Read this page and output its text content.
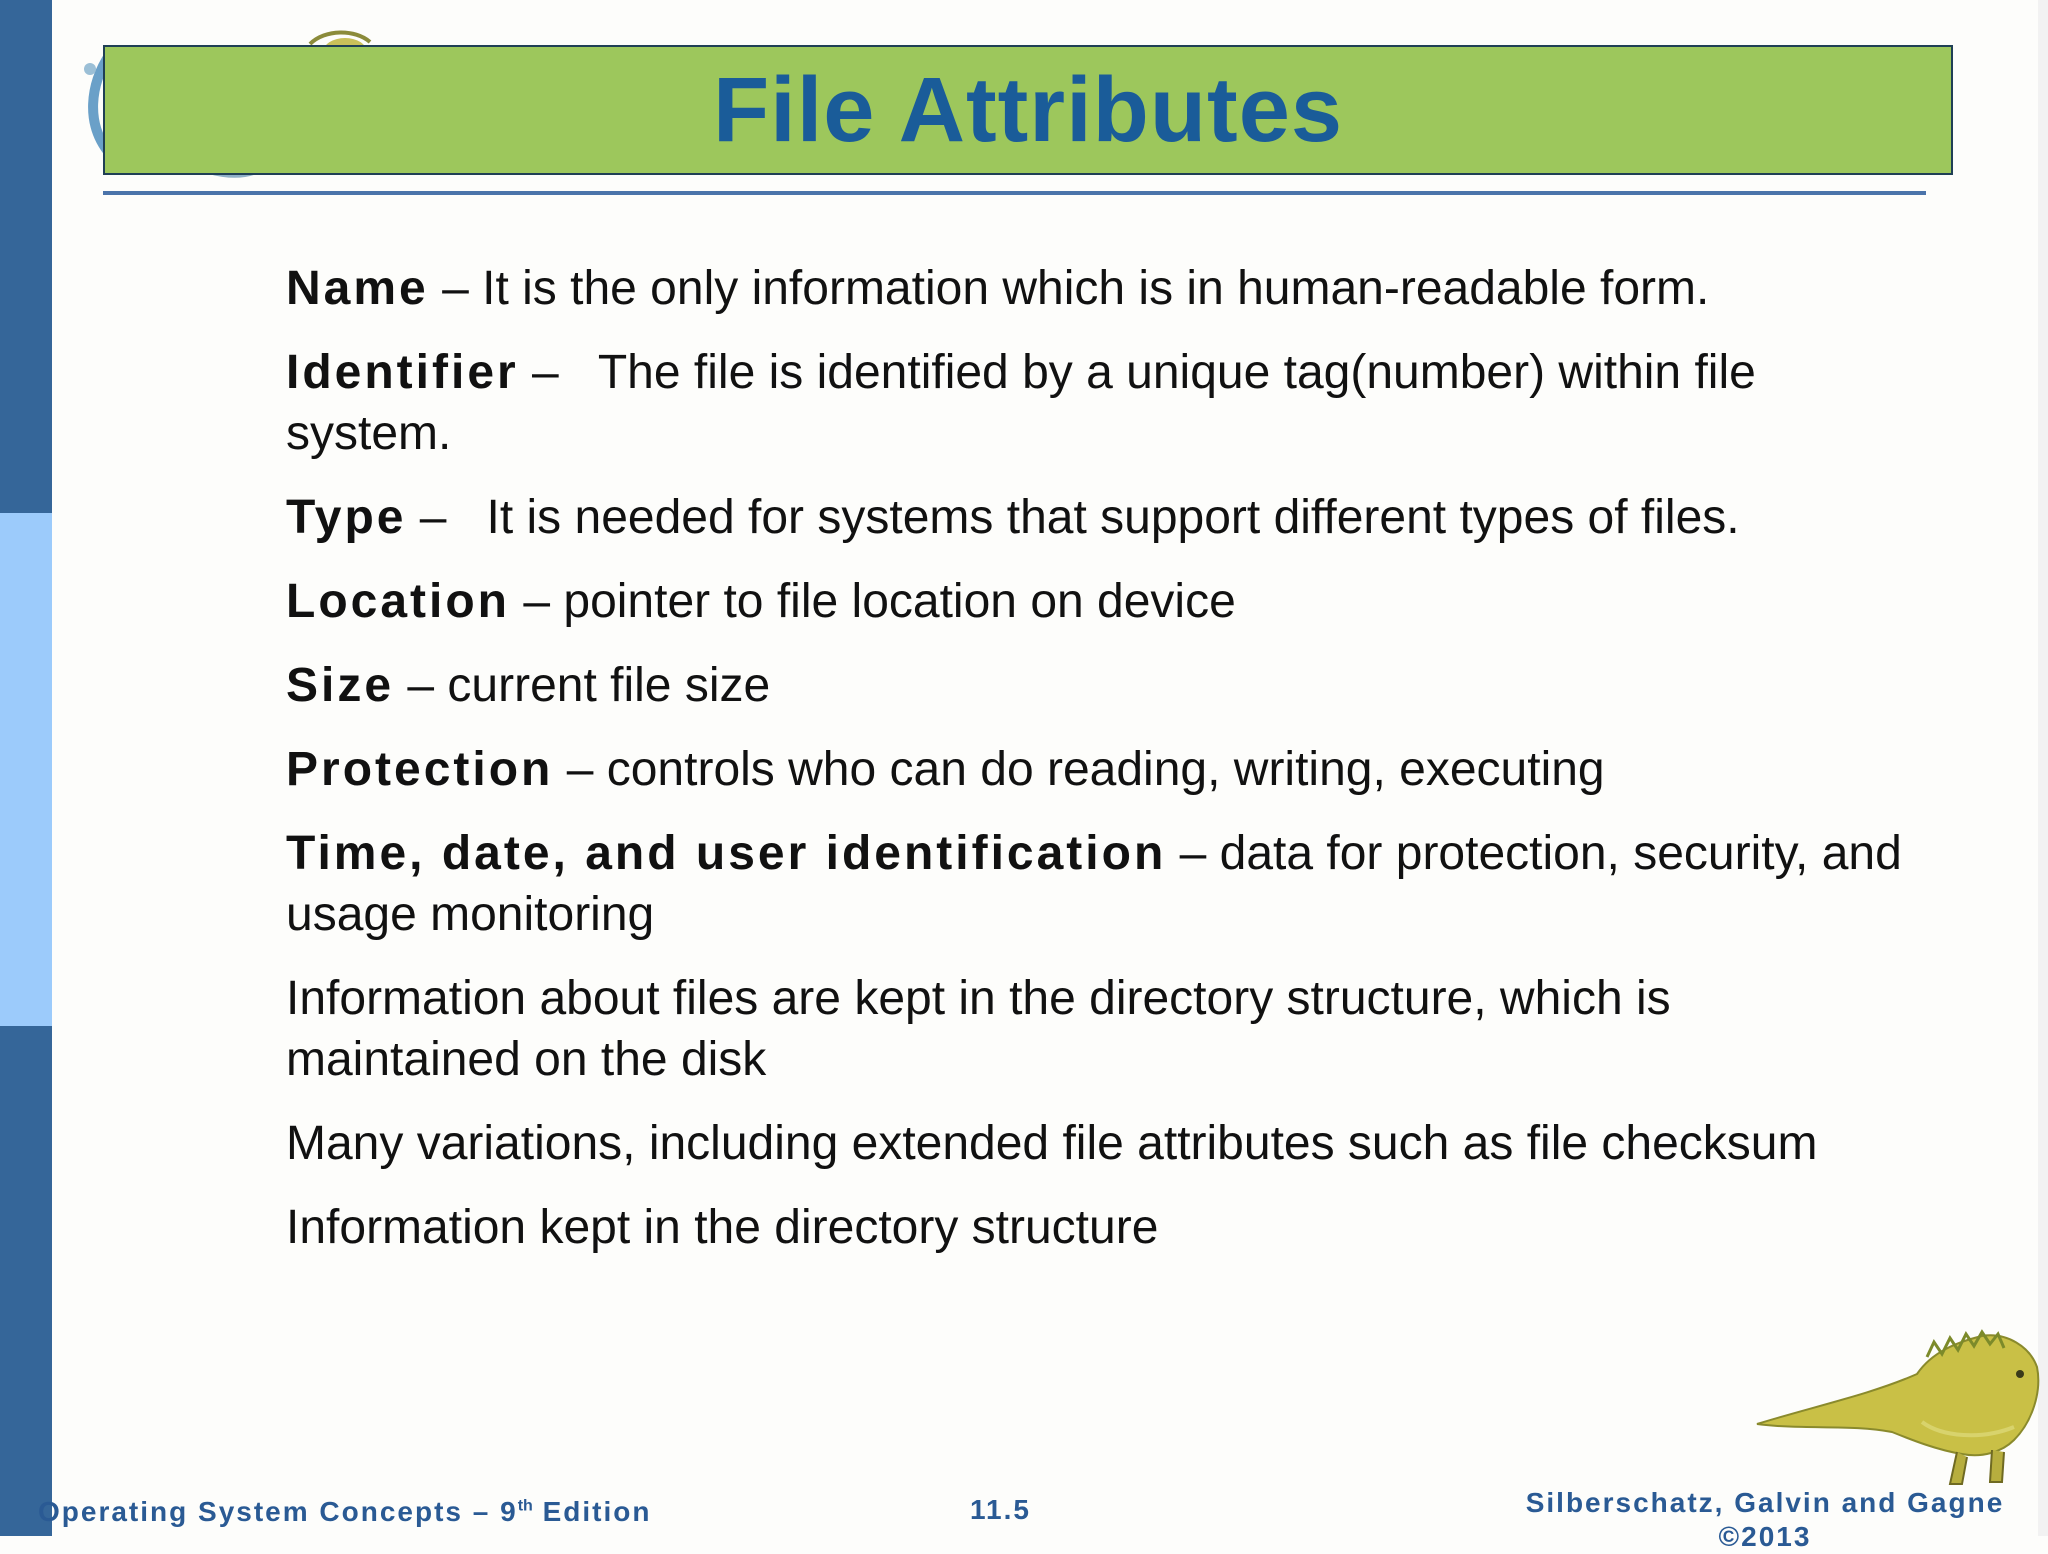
File Attributes
Name – It is the only information which is in human-readable form.
Identifier –   The file is identified by a unique tag(number) within file system.
Type –   It is needed for systems that support different types of files.
Location – pointer to file location on device
Size – current file size
Protection – controls who can do reading, writing, executing
Time, date, and user identification – data for protection, security, and usage monitoring
Information about files are kept in the directory structure, which is maintained on the disk
Many variations, including extended file attributes such as file checksum
Information kept in the directory structure
Operating System Concepts – 9th Edition	11.5	Silberschatz, Galvin and Gagne
©2013
